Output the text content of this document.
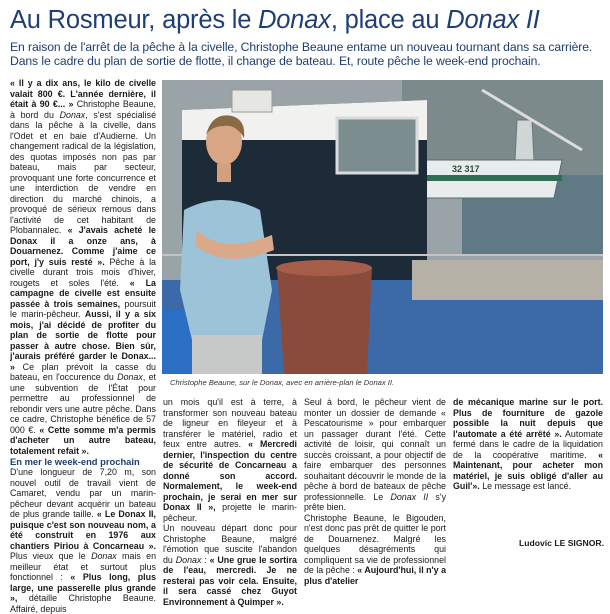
Au Rosmeur, après le Donax, place au Donax II

En raison de l'arrêt de la pêche à la civelle, Christophe Beaune entame un nouveau tournant dans sa carrière. Dans le cadre du plan de sortie de flotte, il change de bateau. Et, route pêche le week-end prochain.

« Il y a dix ans, le kilo de civelle valait 800 €. L'année dernière, il était à 90 €... » Christophe Beaune, à bord du Donax, s'est spécialisé dans la pêche à la civelle, dans l'Odet et en baie d'Audierne. Un changement radical de la législation, des quotas imposés non pas par bateau, mais par secteur, provoquant une forte concurrence et une interdiction de vendre en direction du marché chinois, a provoqué de sérieux remous dans l'activité de cet habitant de Plobannalec. « J'avais acheté le Donax il a onze ans, à Douarnenez. Comme j'aime ce port, j'y suis resté ». Pêche à la civelle durant trois mois d'hiver, rougets et soles l'été. « La campagne de civelle est ensuite passée à trois semaines, poursuit le marin-pêcheur. Aussi, il y a six mois, j'ai décidé de profiter du plan de sortie de flotte pour passer à autre chose. Bien sûr, j'aurais préféré garder le Donax... » Ce plan prévoit la casse du bateau, en l'occurence du Donax, et une subvention de l'État pour permettre au professionnel de rebondir vers une autre pêche. Dans ce cadre, Christophe bénéfice de 57 000 €. « Cette somme m'a permis d'acheter un autre bateau, totalement refait ».

En mer le week-end prochain

D'une longueur de 7,20 m, son nouvel outil de travail vient de Camaret, vendu par un marin-pêcheur devant acquérir un bateau de plus grande taille. « Le Donax II, puisque c'est son nouveau nom, a été construit en 1976 aux chantiers Piriou à Concarneau ». Plus vieux que le Donax mais en meilleur état et surtout plus fonctionnel : « Plus long, plus large, une passerelle plus grande », détaille Christophe Beaune. Affairé, depuis

32 317

Christophe Beaune, sur le Donax, avec en arrière-plan le Donax II.

un mois qu'il est à terre, à transformer son nouveau bateau de ligneur en fileyeur et à transférer le matériel, radio et feux entre autres. « Mercredi dernier, l'inspection du centre de sécurité de Concarneau a donné son accord. Normalement, le week-end prochain, je serai en mer sur Donax II », projette le marin-pêcheur.

Un nouveau départ donc pour Christophe Beaune, malgré l'émotion que suscite l'abandon du Donax : « Une grue le sortira de l'eau, mercredi. Je ne resterai pas voir cela. Ensuite, il sera cassé chez Guyot Environnement à Quimper ».

Seul à bord, le pêcheur vient de monter un dossier de demande « Pescatourisme » pour embarquer un passager durant l'été. Cette activité de loisir, qui connaît un succès croissant, a pour objectif de faire embarquer des personnes souhaitant découvrir le monde de la pêche à bord de bateaux de pêche professionnelle. Le Donax II s'y prête bien.

Christophe Beaune, le Bigouden, n'est donc pas prêt de quitter le port de Douarnenez. Malgré les quelques désagréments qui compliquent sa vie de professionnel de la pêche : « Aujourd'hui, il n'y a plus d'atelier

de mécanique marine sur le port. Plus de fourniture de gazole possible la nuit depuis que l'automate a été arrêté ». Automate fermé dans le cadre de la liquidation de la coopérative maritime. « Maintenant, pour acheter mon matériel, je suis obligé d'aller au Guil'». Le message est lancé.

Ludovic LE SIGNOR.
